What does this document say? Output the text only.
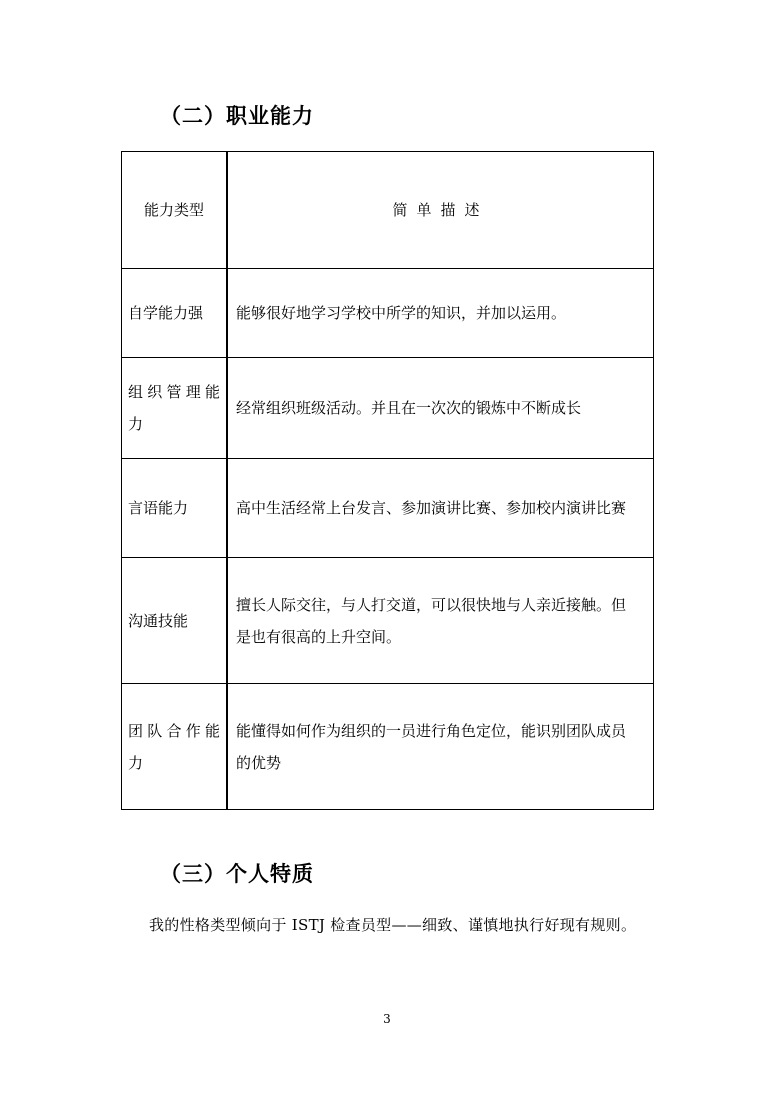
（二）职业能力
能力类型	简单描述
自学能力强	能够很好地学习学校中所学的知识，并加以运用。

组织管理能
力	经常组织班级活动。并且在一次次的锻炼中不断成长
言语能力	高中生活经常上台发言、参加演讲比赛、参加校内演讲比赛
沟通技能	擅长人际交往，与人打交道，可以很快地与人亲近接触。但
是也有很高的上升空间。

团队合作能
力	能懂得如何作为组织的一员进行角色定位，能识别团队成员
的优势
（三）个人特质
我的性格类型倾向于 ISTJ 检查员型——细致、谨慎地执行好现有规则。
3
